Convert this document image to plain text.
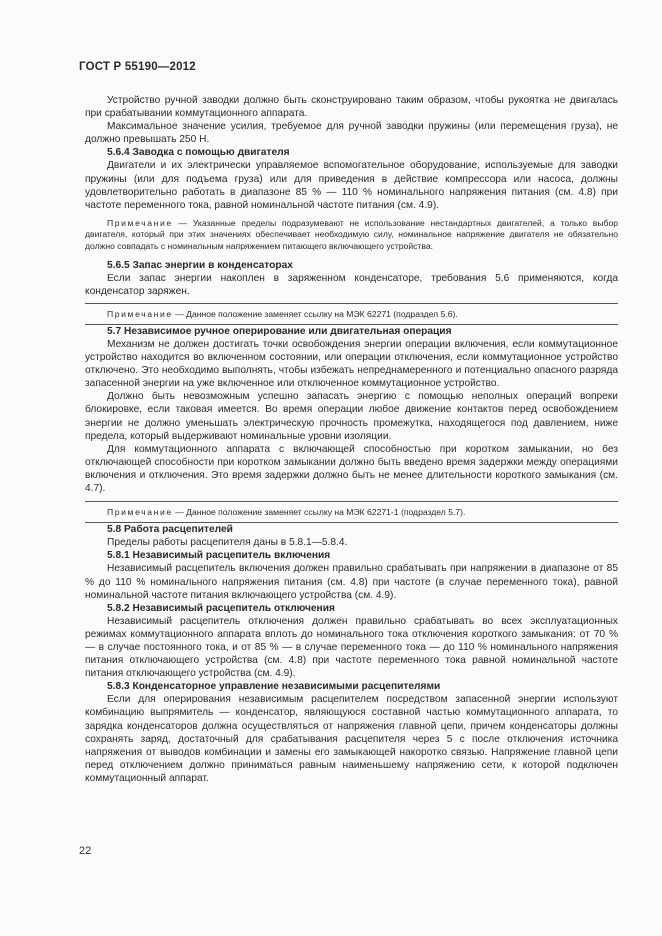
ГОСТ Р 55190—2012

Устройство ручной заводки должно быть сконструировано таким образом, чтобы рукоятка не двигалась при срабатывании коммутационного аппарата.

Максимальное значение усилия, требуемое для ручной заводки пружины (или перемещения груза), не должно превышать 250 Н.

5.6.4 Заводка с помощью двигателя

Двигатели и их электрически управляемое вспомогательное оборудование, используемые для заводки пружины (или для подъема груза) или для приведения в действие компрессора или насоса, должны удовлетворительно работать в диапазоне 85 % — 110 % номинального напряжения питания (см. 4.8) при частоте переменного тока, равной номинальной частоте питания (см. 4.9).

Примечание — Указанные пределы подразумевают не использование нестандартных двигателей, а только выбор двигателя, который при этих значениях обеспечивает необходимую силу, номинальное напряжение двигателя не обязательно должно совпадать с номинальным напряжением питающего включающего устройства.

5.6.5 Запас энергии в конденсаторах

Если запас энергии накоплен в заряженном конденсаторе, требования 5.6 применяются, когда конденсатор заряжен.

Примечание — Данное положение заменяет ссылку на МЭК 62271 (подраздел 5.6).

5.7 Независимое ручное оперирование или двигательная операция

Механизм не должен достигать точки освобождения энергии операции включения, если коммутационное устройство находится во включенном состоянии, или операции отключения, если коммутационное устройство отключено. Это необходимо выполнять, чтобы избежать непреднамеренного и потенциально опасного разряда запасенной энергии на уже включенное или отключенное коммутационное устройство.

Должно быть невозможным успешно запасать энергию с помощью неполных операций вопреки блокировке, если таковая имеется. Во время операции любое движение контактов перед освобождением энергии не должно уменьшать электрическую прочность промежутка, находящегося под давлением, ниже предела, который выдерживают номинальные уровни изоляции.

Для коммутационного аппарата с включающей способностью при коротком замыкании, но без отключающей способности при коротком замыкании должно быть введено время задержки между операциями включения и отключения. Это время задержки должно быть не менее длительности короткого замыкания (см. 4.7).

Примечание — Данное положение заменяет ссылку на МЭК 62271-1 (подраздел 5.7).

5.8 Работа расцепителей

Пределы работы расцепителя даны в 5.8.1—5.8.4.

5.8.1 Независимый расцепитель включения

Независимый расцепитель включения должен правильно срабатывать при напряжении в диапазоне от 85 % до 110 % номинального напряжения питания (см. 4.8) при частоте (в случае переменного тока), равной номинальной частоте питания включающего устройства (см. 4.9).

5.8.2 Независимый расцепитель отключения

Независимый расцепитель отключения должен правильно срабатывать во всех эксплуатационных режимах коммутационного аппарата вплоть до номинального тока отключения короткого замыкания: от 70 % — в случае постоянного тока, и от 85 % — в случае переменного тока — до 110 % номинального напряжения питания отключающего устройства (см. 4.8) при частоте переменного тока равной номинальной частоте питания отключающего устройства (см. 4.9).

5.8.3 Конденсаторное управление независимыми расцепителями

Если для оперирования независимым расцепителем посредством запасенной энергии используют комбинацию выпрямитель — конденсатор, являющуюся составной частью коммутационного аппарата, то зарядка конденсаторов должна осуществляться от напряжения главной цепи, причем конденсаторы должны сохранять заряд, достаточный для срабатывания расцепителя через 5 с после отключения источника напряжения от выводов комбинации и замены его замыкающей накоротко связью. Напряжение главной цепи перед отключением должно приниматься равным наименьшему напряжению сети, к которой подключен коммутационный аппарат.

22
